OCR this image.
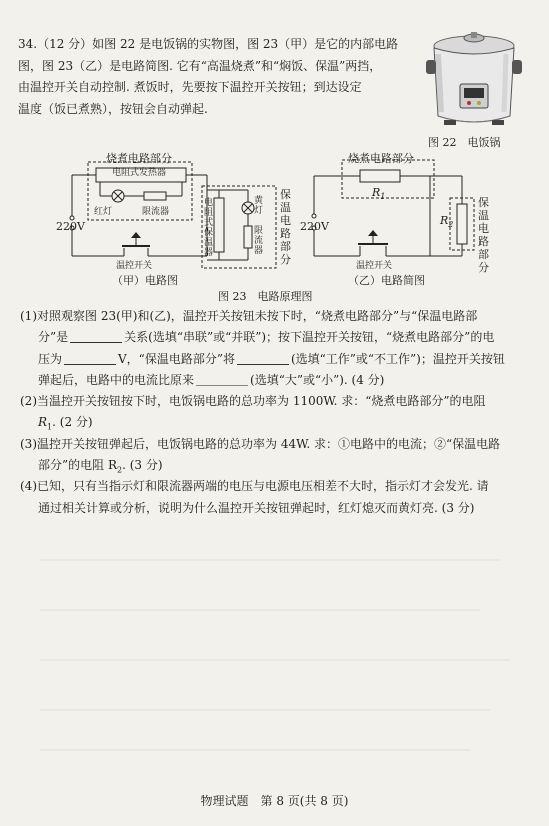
34.（12 分）如图 22 是电饭锅的实物图，图 23（甲）是它的内部电路
图，图 23（乙）是电路简图. 它有“高温烧煮”和“焖饭、保温”两挡，
由温控开关自动控制. 煮饭时，先要按下温控开关按钮；到达设定
温度（饭已煮熟），按钮会自动弹起.
图 22　电饭锅
烧煮电路部分
电阻式发热器
红灯	限流器
220V
温控开关
电阻式保温器
黄灯
限流器
保温电路部分
（甲）电路图
烧煮电路部分
$R_1$
$R_2$
220V
温控开关
保温电路部分
（乙）电路简图
图 23　电路原理图
(1)对照观察图 23(甲)和(乙)，温控开关按钮未按下时，“烧煮电路部分”与“保温电路部
分”是	关系(选填“串联”或“并联”)；按下温控开关按钮，“烧煮电路部分”的电
压为	V，“保温电路部分”将	(选填“工作”或“不工作”)；温控开关按钮
弹起后，电路中的电流比原来	(选填“大”或“小”). (4 分)
(2)当温控开关按钮按下时，电饭锅电路的总功率为 1100W. 求：“烧煮电路部分”的电阻
$R_1$. (2 分)
(3)温控开关按钮弹起后，电饭锅电路的总功率为 44W. 求：①电路中的电流；②“保温电路
部分”的电阻 $R_2$. (3 分)
(4)已知，只有当指示灯和限流器两端的电压与电源电压相差不大时，指示灯才会发光. 请
通过相关计算或分析，说明为什么温控开关按钮弹起时，红灯熄灭而黄灯亮. (3 分)
物理试题　第 8 页(共 8 页)
